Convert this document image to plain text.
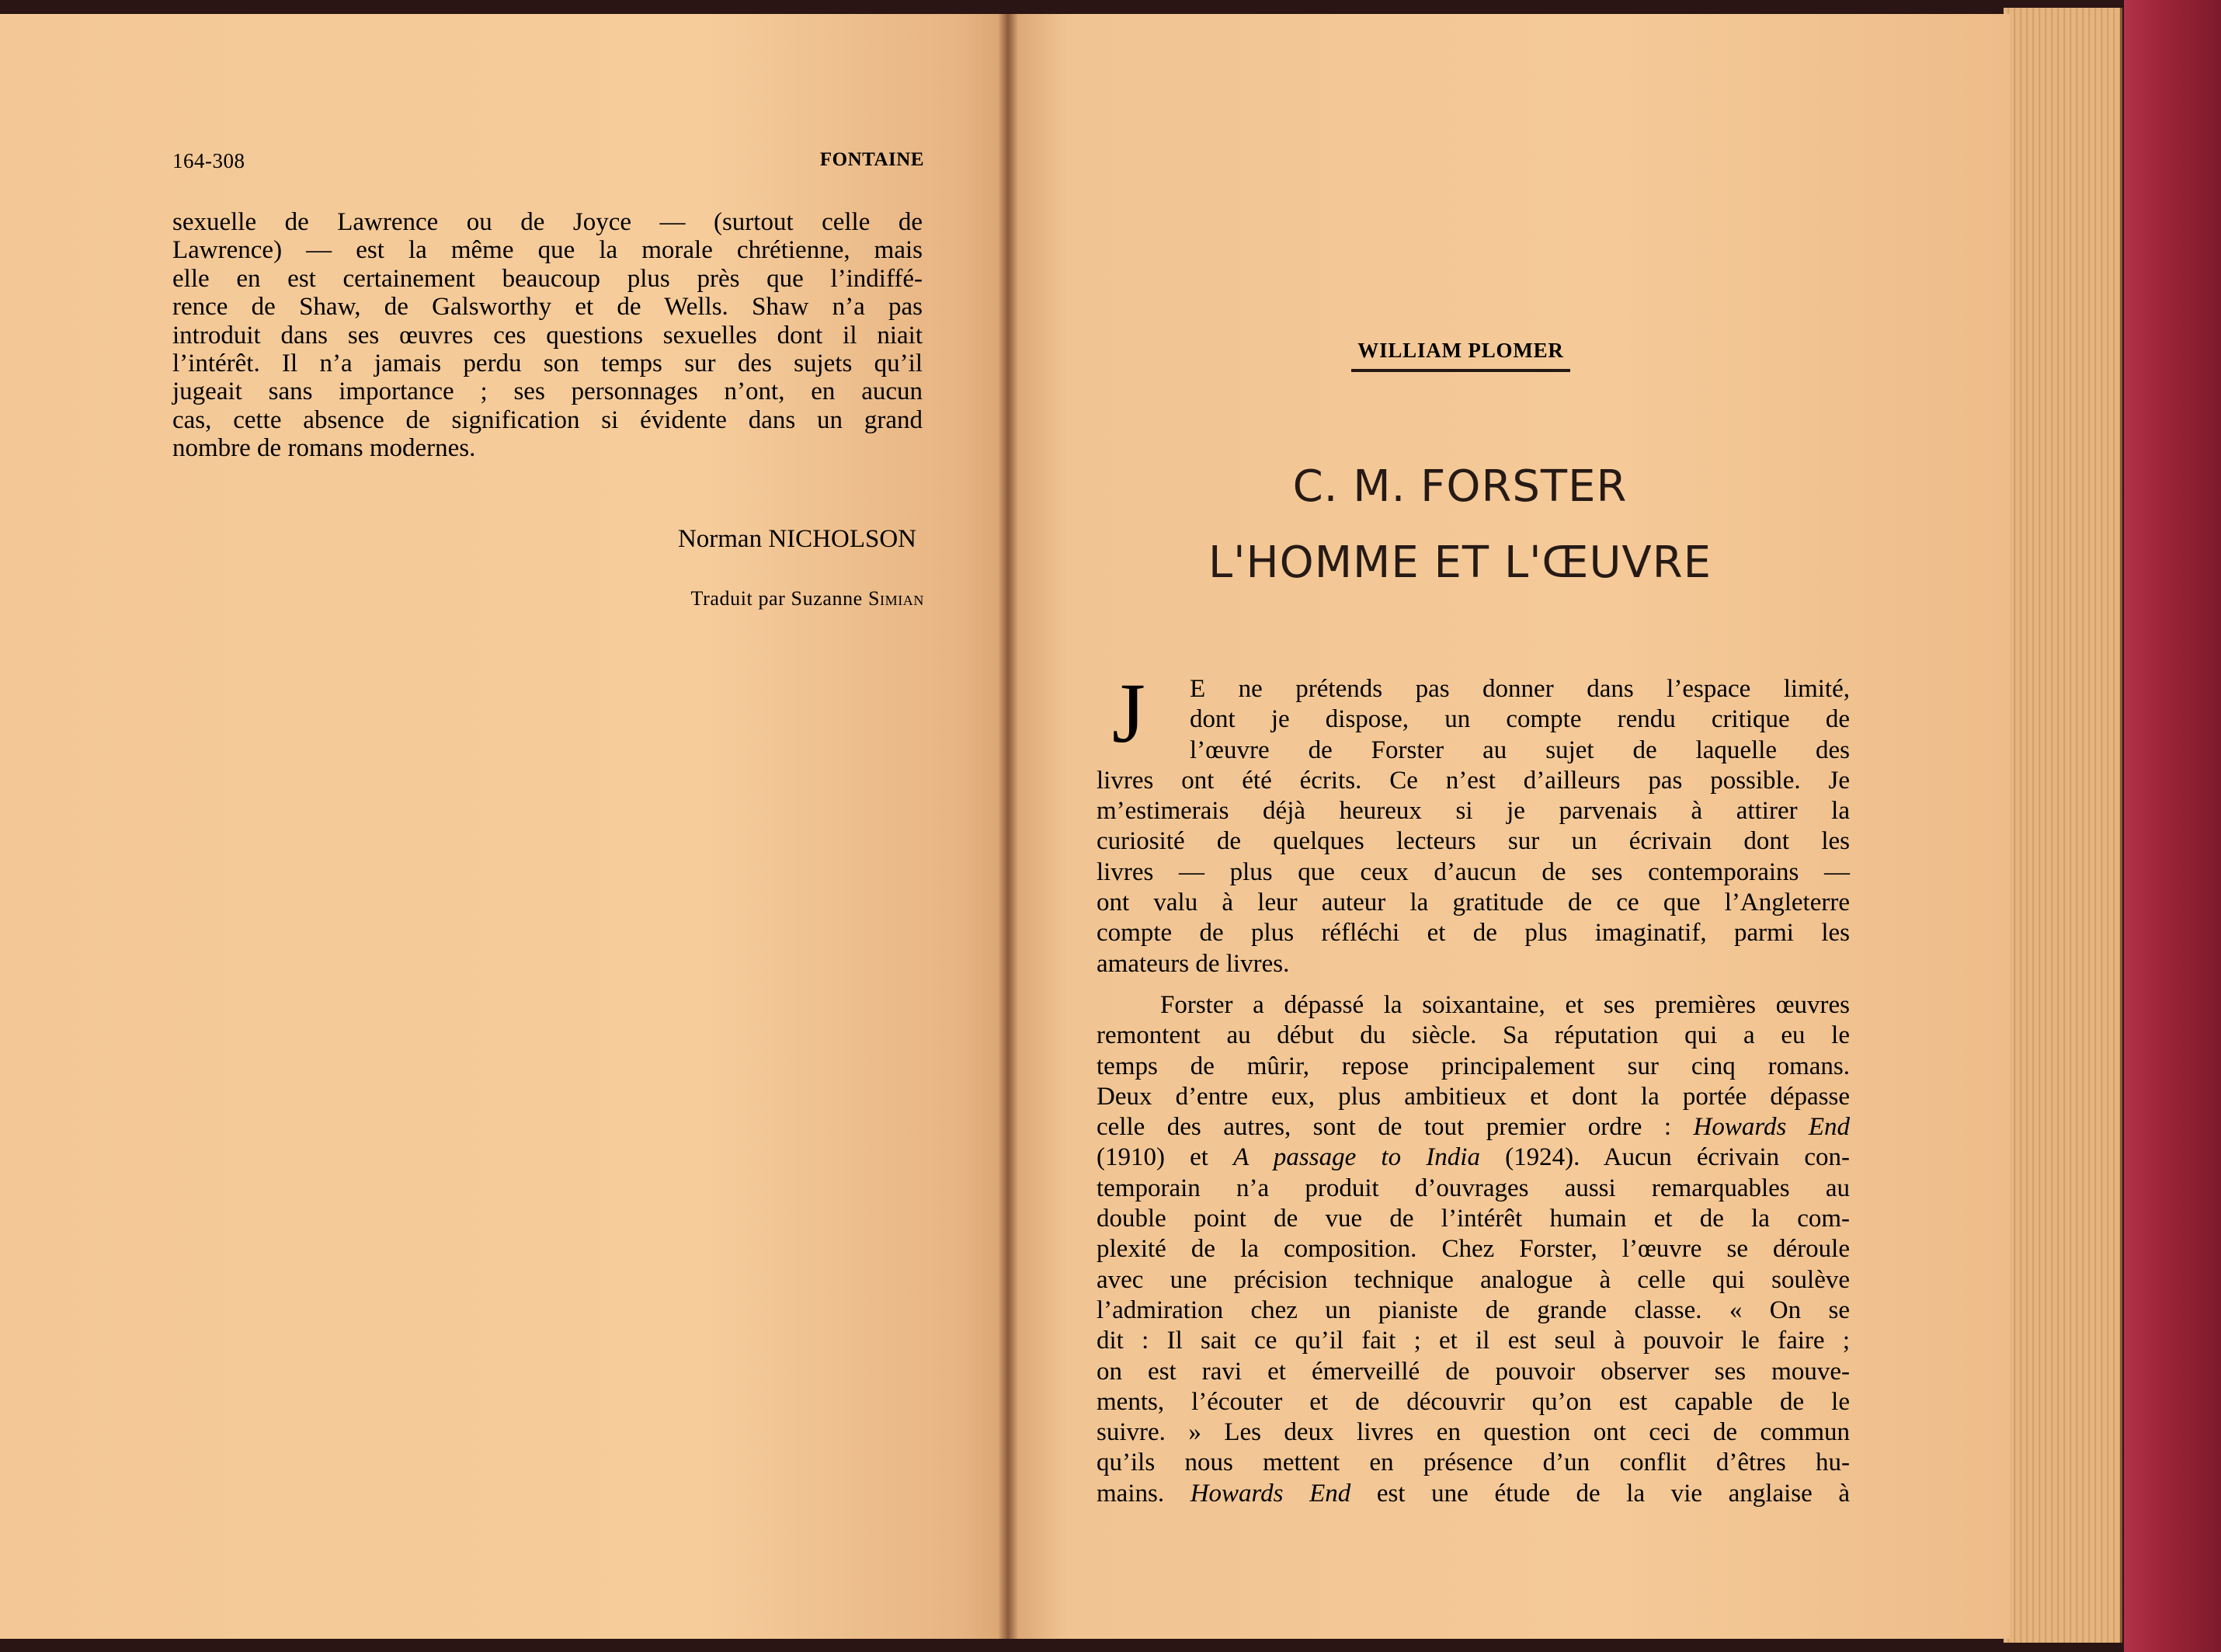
164-308	FONTAINE
sexuelle de Lawrence ou de Joyce — (surtout celle de
Lawrence) — est la même que la morale chrétienne, mais
elle en est certainement beaucoup plus près que l’indiffé-
rence de Shaw, de Galsworthy et de Wells. Shaw n’a pas
introduit dans ses œuvres ces questions sexuelles dont il niait
l’intérêt. Il n’a jamais perdu son temps sur des sujets qu’il
jugeait sans importance ; ses personnages n’ont, en aucun
cas, cette absence de signification si évidente dans un grand
nombre de romans modernes.
Norman NICHOLSON
Traduit par Suzanne Simian
WILLIAM PLOMER
C. M. FORSTER
L'HOMME ET L'ŒUVRE
J	E ne prétends pas donner dans l’espace limité,
dont je dispose, un compte rendu critique de
l’œuvre de Forster au sujet de laquelle des
livres ont été écrits. Ce n’est d’ailleurs pas possible. Je
m’estimerais déjà heureux si je parvenais à attirer la
curiosité de quelques lecteurs sur un écrivain dont les
livres — plus que ceux d’aucun de ses contemporains —
ont valu à leur auteur la gratitude de ce que l’Angleterre
compte de plus réfléchi et de plus imaginatif, parmi les
amateurs de livres.
Forster a dépassé la soixantaine, et ses premières œuvres
remontent au début du siècle. Sa réputation qui a eu le
temps de mûrir, repose principalement sur cinq romans.
Deux d’entre eux, plus ambitieux et dont la portée dépasse
celle des autres, sont de tout premier ordre : Howards End
(1910) et A passage to India (1924). Aucun écrivain con-
temporain n’a produit d’ouvrages aussi remarquables au
double point de vue de l’intérêt humain et de la com-
plexité de la composition. Chez Forster, l’œuvre se déroule
avec une précision technique analogue à celle qui soulève
l’admiration chez un pianiste de grande classe. « On se
dit : Il sait ce qu’il fait ; et il est seul à pouvoir le faire ;
on est ravi et émerveillé de pouvoir observer ses mouve-
ments, l’écouter et de découvrir qu’on est capable de le
suivre. » Les deux livres en question ont ceci de commun
qu’ils nous mettent en présence d’un conflit d’êtres hu-
mains. Howards End est une étude de la vie anglaise à
